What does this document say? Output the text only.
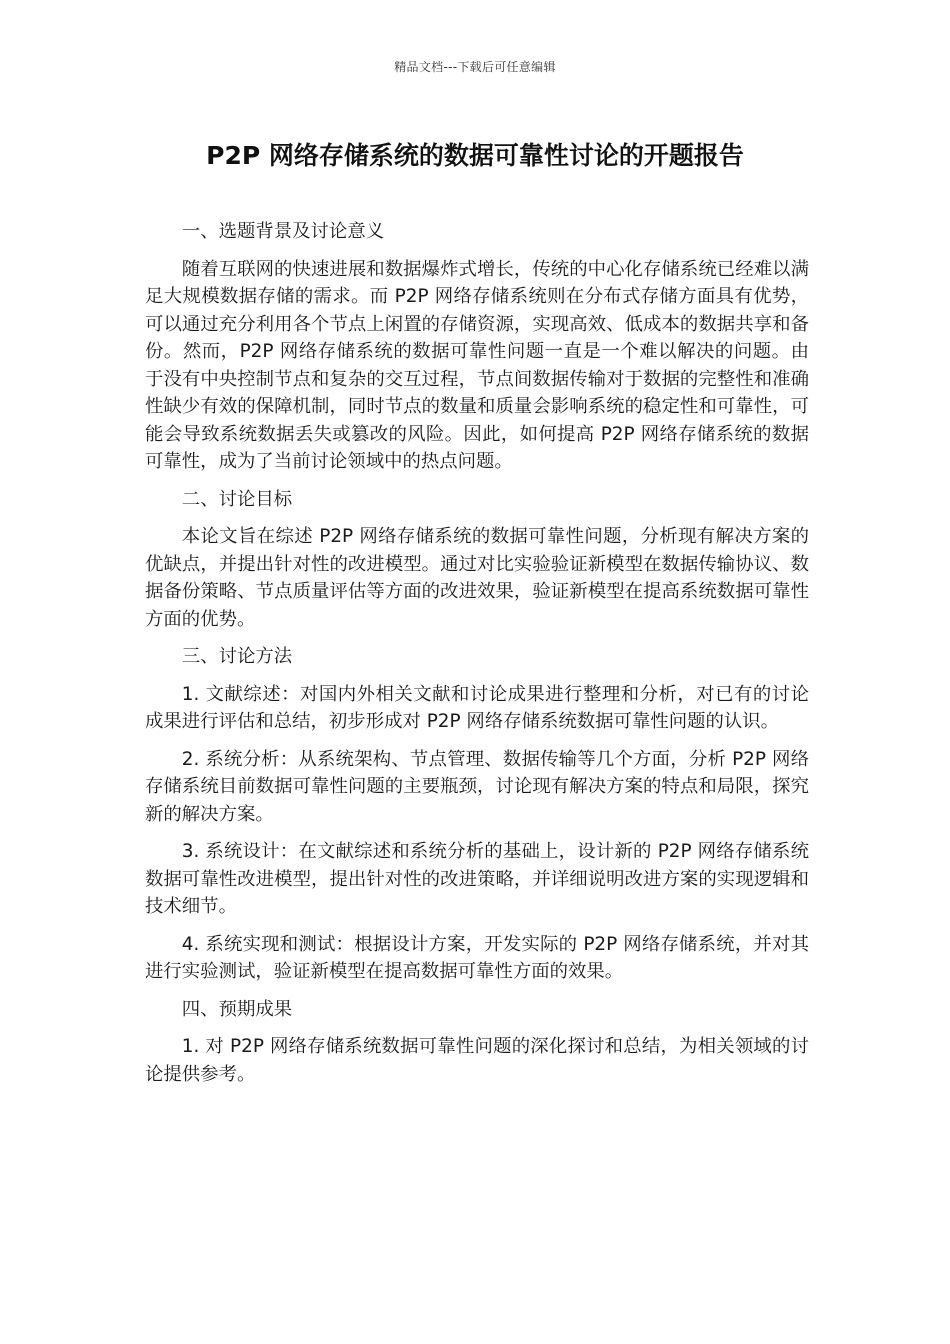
精品文档---下载后可任意编辑
P2P 网络存储系统的数据可靠性讨论的开题报告

一、选题背景及讨论意义

随着互联网的快速进展和数据爆炸式增长，传统的中心化存储系统已经难以满足大规模数据存储的需求。而 P2P 网络存储系统则在分布式存储方面具有优势，可以通过充分利用各个节点上闲置的存储资源，实现高效、低成本的数据共享和备份。然而，P2P 网络存储系统的数据可靠性问题一直是一个难以解决的问题。由于没有中央控制节点和复杂的交互过程，节点间数据传输对于数据的完整性和准确性缺少有效的保障机制，同时节点的数量和质量会影响系统的稳定性和可靠性，可能会导致系统数据丢失或篡改的风险。因此，如何提高 P2P 网络存储系统的数据可靠性，成为了当前讨论领域中的热点问题。

二、讨论目标

本论文旨在综述 P2P 网络存储系统的数据可靠性问题，分析现有解决方案的优缺点，并提出针对性的改进模型。通过对比实验验证新模型在数据传输协议、数据备份策略、节点质量评估等方面的改进效果，验证新模型在提高系统数据可靠性方面的优势。

三、讨论方法

1. 文献综述：对国内外相关文献和讨论成果进行整理和分析，对已有的讨论成果进行评估和总结，初步形成对 P2P 网络存储系统数据可靠性问题的认识。

2. 系统分析：从系统架构、节点管理、数据传输等几个方面，分析 P2P 网络存储系统目前数据可靠性问题的主要瓶颈，讨论现有解决方案的特点和局限，探究新的解决方案。

3. 系统设计：在文献综述和系统分析的基础上，设计新的 P2P 网络存储系统数据可靠性改进模型，提出针对性的改进策略，并详细说明改进方案的实现逻辑和技术细节。

4. 系统实现和测试：根据设计方案，开发实际的 P2P 网络存储系统，并对其进行实验测试，验证新模型在提高数据可靠性方面的效果。

四、预期成果

1. 对 P2P 网络存储系统数据可靠性问题的深化探讨和总结，为相关领域的讨论提供参考。
